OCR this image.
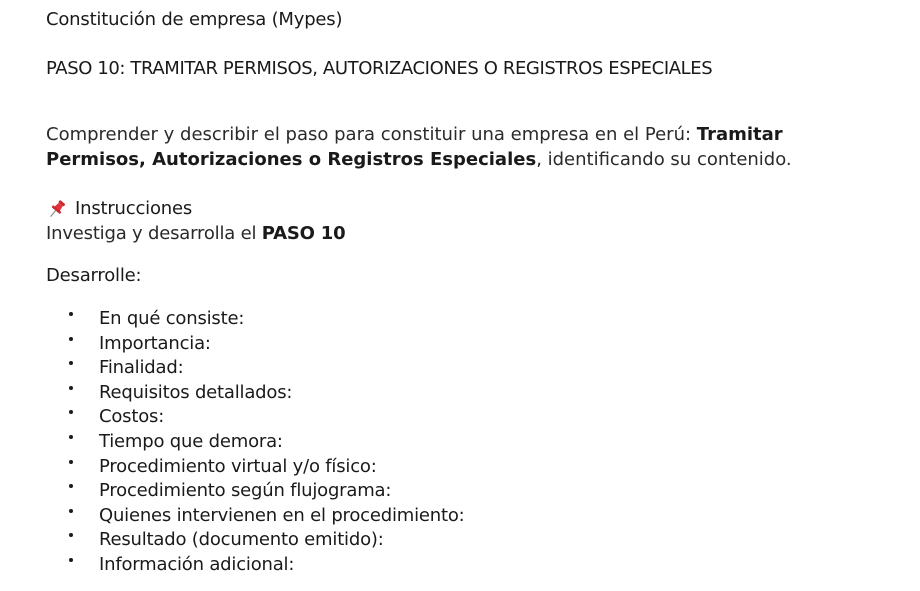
Constitución de empresa (Mypes)
PASO 10: TRAMITAR PERMISOS, AUTORIZACIONES O REGISTROS ESPECIALES
Comprender y describir el paso para constituir una empresa en el Perú: Tramitar Permisos, Autorizaciones o Registros Especiales, identificando su contenido.
Instrucciones
Investiga y desarrolla el PASO 10
Desarrolle:
En qué consiste:
Importancia:
Finalidad:
Requisitos detallados:
Costos:
Tiempo que demora:
Procedimiento virtual y/o físico:
Procedimiento según flujograma:
Quienes intervienen en el procedimiento:
Resultado (documento emitido):
Información adicional:
